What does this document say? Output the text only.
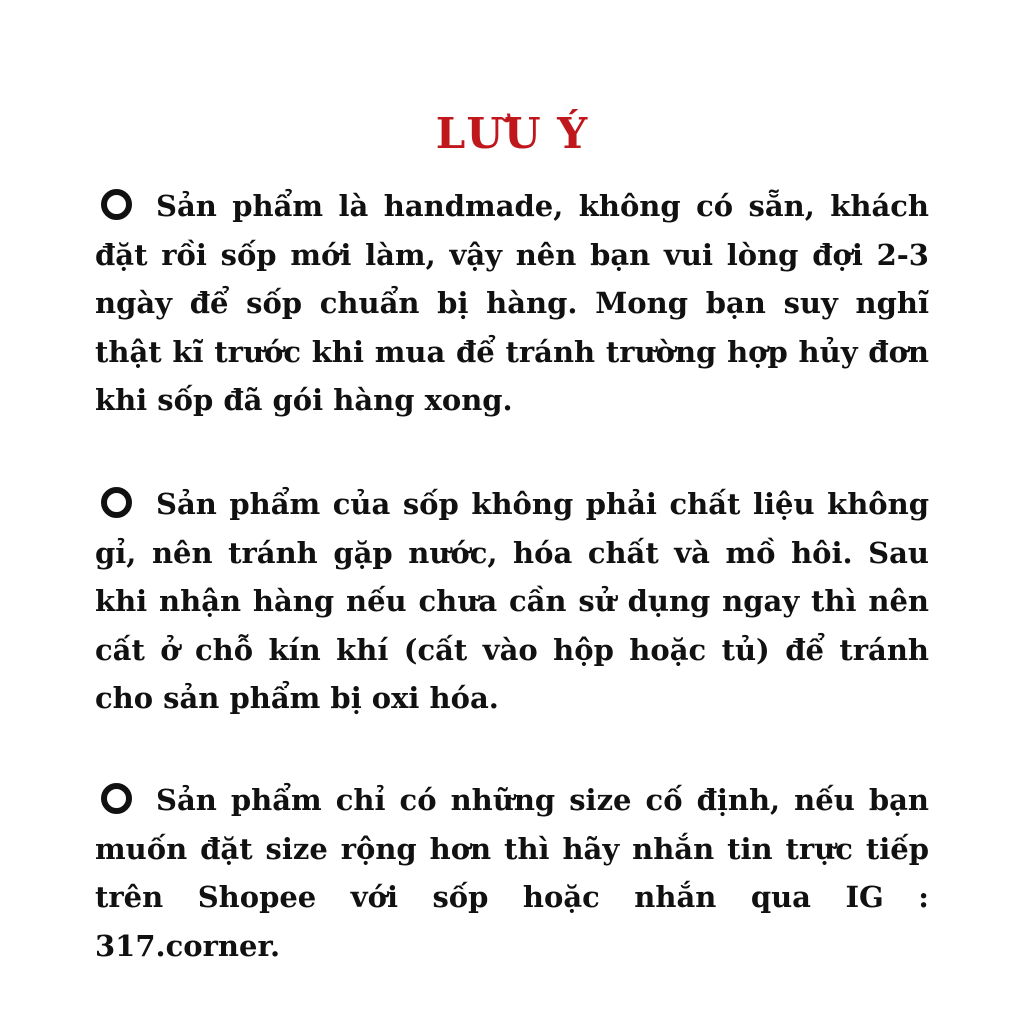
LƯU Ý
Sản phẩm là handmade, không có sẵn, khách đặt rồi sốp mới làm, vậy nên bạn vui lòng đợi 2-3 ngày để sốp chuẩn bị hàng. Mong bạn suy nghĩ thật kĩ trước khi mua để tránh trường hợp hủy đơn khi sốp đã gói hàng xong.
Sản phẩm của sốp không phải chất liệu không gỉ, nên tránh gặp nước, hóa chất và mồ hôi. Sau khi nhận hàng nếu chưa cần sử dụng ngay thì nên cất ở chỗ kín khí (cất vào hộp hoặc tủ) để tránh cho sản phẩm bị oxi hóa.
Sản phẩm chỉ có những size cố định, nếu bạn muốn đặt size rộng hơn thì hãy nhắn tin trực tiếp trên Shopee với sốp hoặc nhắn qua IG : 317.corner.
